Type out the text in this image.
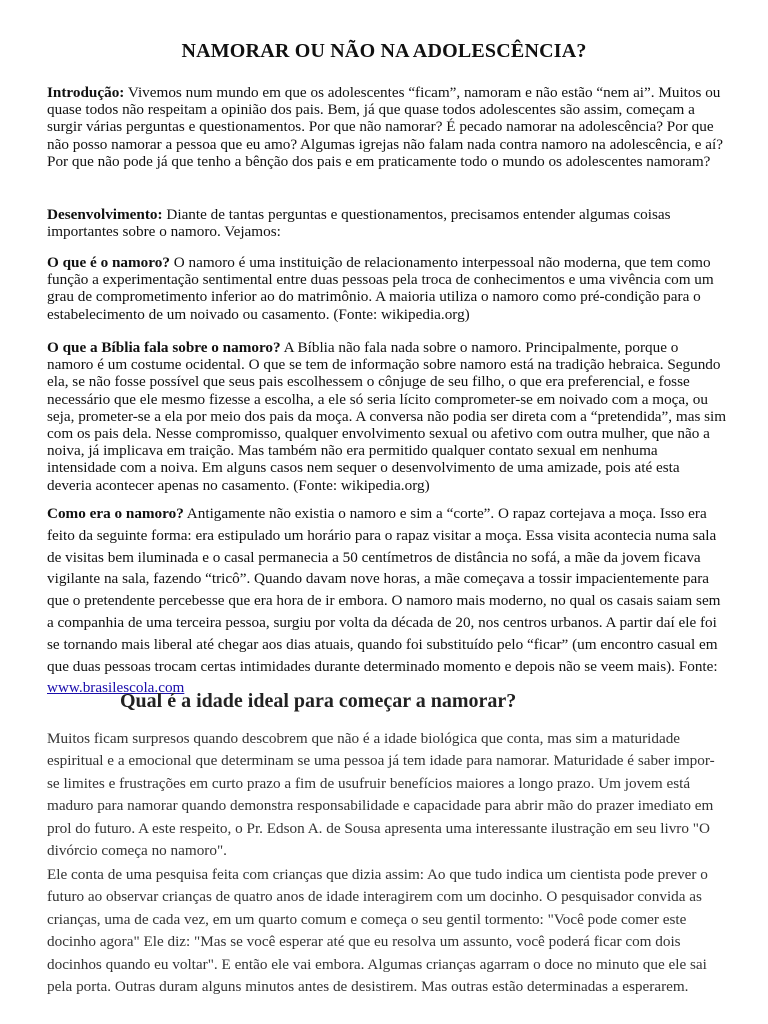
NAMORAR OU NÃO NA ADOLESCÊNCIA?

Introdução: Vivemos num mundo em que os adolescentes “ficam”, namoram e não estão “nem ai”. Muitos ou quase todos não respeitam a opinião dos pais. Bem, já que quase todos adolescentes são assim, começam a surgir várias perguntas e questionamentos. Por que não namorar? É pecado namorar na adolescência? Por que não posso namorar a pessoa que eu amo? Algumas igrejas não falam nada contra namoro na adolescência, e aí? Por que não pode já que tenho a bênção dos pais e em praticamente todo o mundo os adolescentes namoram?

Desenvolvimento: Diante de tantas perguntas e questionamentos, precisamos entender algumas coisas importantes sobre o namoro. Vejamos:

O que é o namoro? O namoro é uma instituição de relacionamento interpessoal não moderna, que tem como função a experimentação sentimental entre duas pessoas pela troca de conhecimentos e uma vivência com um grau de comprometimento inferior ao do matrimônio. A maioria utiliza o namoro como pré-condição para o estabelecimento de um noivado ou casamento. (Fonte: wikipedia.org)

O que a Bíblia fala sobre o namoro? A Bíblia não fala nada sobre o namoro. Principalmente, porque o namoro é um costume ocidental. O que se tem de informação sobre namoro está na tradição hebraica. Segundo ela, se não fosse possível que seus pais escolhessem o cônjuge de seu filho, o que era preferencial, e fosse necessário que ele mesmo fizesse a escolha, a ele só seria lícito comprometer-se em noivado com a moça, ou seja, prometer-se a ela por meio dos pais da moça. A conversa não podia ser direta com a “pretendida”, mas sim com os pais dela. Nesse compromisso, qualquer envolvimento sexual ou afetivo com outra mulher, que não a noiva, já implicava em traição. Mas também não era permitido qualquer contato sexual em nenhuma intensidade com a noiva. Em alguns casos nem sequer o desenvolvimento de uma amizade, pois até esta deveria acontecer apenas no casamento. (Fonte: wikipedia.org)

Como era o namoro? Antigamente não existia o namoro e sim a “corte”. O rapaz cortejava a moça. Isso era feito da seguinte forma: era estipulado um horário para o rapaz visitar a moça. Essa visita acontecia numa sala de visitas bem iluminada e o casal permanecia a 50 centímetros de distância no sofá, a mãe da jovem ficava vigilante na sala, fazendo “tricô”. Quando davam nove horas, a mãe começava a tossir impacientemente para que o pretendente percebesse que era hora de ir embora. O namoro mais moderno, no qual os casais saiam sem a companhia de uma terceira pessoa, surgiu por volta da década de 20, nos centros urbanos. A partir daí ele foi se tornando mais liberal até chegar aos dias atuais, quando foi substituído pelo “ficar” (um encontro casual em que duas pessoas trocam certas intimidades durante determinado momento e depois não se veem mais). Fonte: www.brasilescola.com

Qual é a idade ideal para começar a namorar?

Muitos ficam surpresos quando descobrem que não é a idade biológica que conta, mas sim a maturidade espiritual e a emocional que determinam se uma pessoa já tem idade para namorar. Maturidade é saber impor-se limites e frustrações em curto prazo a fim de usufruir benefícios maiores a longo prazo. Um jovem está maduro para namorar quando demonstra responsabilidade e capacidade para abrir mão do prazer imediato em prol do futuro. A este respeito, o Pr. Edson A. de Sousa apresenta uma interessante ilustração em seu livro "O divórcio começa no namoro".

Ele conta de uma pesquisa feita com crianças que dizia assim: Ao que tudo indica um cientista pode prever o futuro ao observar crianças de quatro anos de idade interagirem com um docinho. O pesquisador convida as crianças, uma de cada vez, em um quarto comum e começa o seu gentil tormento: "Você pode comer este docinho agora" Ele diz: "Mas se você esperar até que eu resolva um assunto, você poderá ficar com dois docinhos quando eu voltar". E então ele vai embora. Algumas crianças agarram o doce no minuto que ele sai pela porta. Outras duram alguns minutos antes de desistirem. Mas outras estão determinadas a esperarem.
